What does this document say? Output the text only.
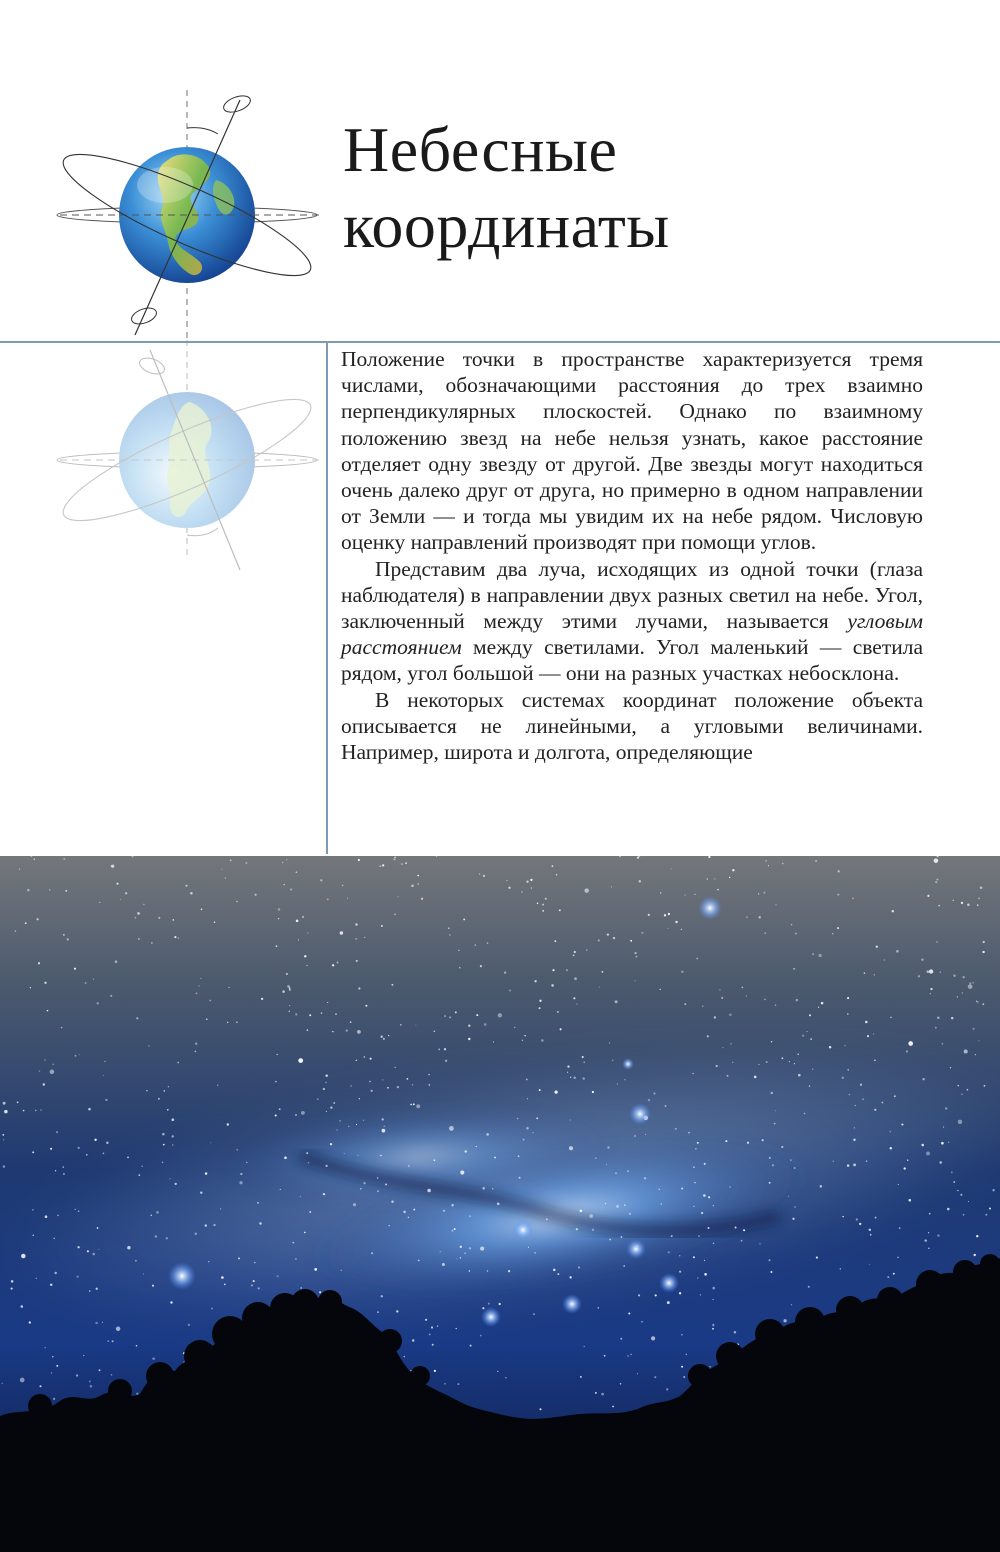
Небесные
координаты

Положение точки в пространстве характеризуется тремя числами, обозначающими расстояния до трех взаимно перпендикулярных плоскостей. Однако по взаимному положению звезд на небе нельзя узнать, какое расстояние отделяет одну звезду от другой. Две звезды могут находиться очень далеко друг от друга, но примерно в одном направлении от Земли — и тогда мы увидим их на небе рядом. Числовую оценку направлений производят при помощи углов.

Представим два луча, исходящих из одной точки (глаза наблюдателя) в направлении двух разных светил на небе. Угол, заключенный между этими лучами, называется угловым расстоянием между светилами. Угол маленький — светила рядом, угол большой — они на разных участках небосклона.

В некоторых системах координат положение объекта описывается не линейными, а угловыми величинами. Например, широта и долгота, определяющие
